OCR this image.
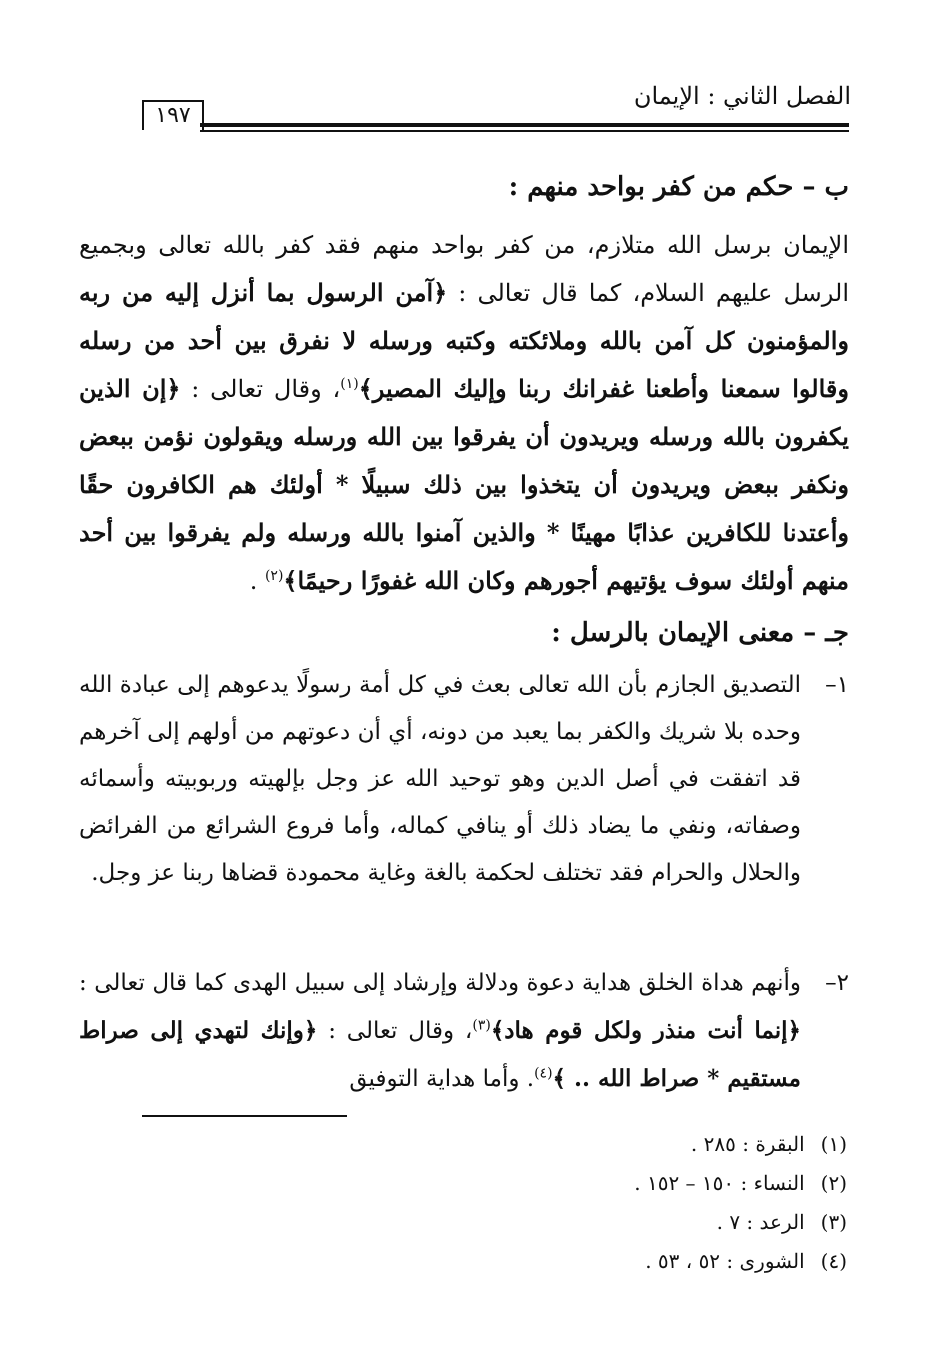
الفصل الثاني : الإيمان
١٩٧
ب – حكم من كفر بواحد منهم :
الإيمان برسل الله متلازم، من كفر بواحد منهم فقد كفر بالله تعالى وبجميع الرسل عليهم السلام، كما قال تعالى : ﴿آمن الرسول بما أنزل إليه من ربه والمؤمنون كل آمن بالله وملائكته وكتبه ورسله لا نفرق بين أحد من رسله وقالوا سمعنا وأطعنا غفرانك ربنا وإليك المصير﴾$^{(١)}$، وقال تعالى : ﴿إن الذين يكفرون بالله ورسله ويريدون أن يفرقوا بين الله ورسله ويقولون نؤمن ببعض ونكفر ببعض ويريدون أن يتخذوا بين ذلك سبيلًا * أولئك هم الكافرون حقًا وأعتدنا للكافرين عذابًا مهينًا * والذين آمنوا بالله ورسله ولم يفرقوا بين أحد منهم أولئك سوف يؤتيهم أجورهم وكان الله غفورًا رحيمًا﴾$^{(٢)}$ .
جـ – معنى الإيمان بالرسل :
١–
التصديق الجازم بأن الله تعالى بعث في كل أمة رسولًا يدعوهم إلى عبادة الله وحده بلا شريك والكفر بما يعبد من دونه، أي أن دعوتهم من أولهم إلى آخرهم قد اتفقت في أصل الدين وهو توحيد الله عز وجل بإلهيته وربوبيته وأسمائه وصفاته، ونفي ما يضاد ذلك أو ينافي كماله، وأما فروع الشرائع من الفرائض والحلال والحرام فقد تختلف لحكمة بالغة وغاية محمودة قضاها ربنا عز وجل.
٢–
وأنهم هداة الخلق هداية دعوة ودلالة وإرشاد إلى سبيل الهدى كما قال تعالى : ﴿إنما أنت منذر ولكل قوم هاد﴾$^{(٣)}$، وقال تعالى : ﴿وإنك لتهدي إلى صراط مستقيم * صراط الله .. ﴾$^{(٤)}$. وأما هداية التوفيق
(١) البقرة : ٢٨٥ .
(٢) النساء : ١٥٠ – ١٥٢ .
(٣) الرعد : ٧ .
(٤) الشورى : ٥٢ ، ٥٣ .
